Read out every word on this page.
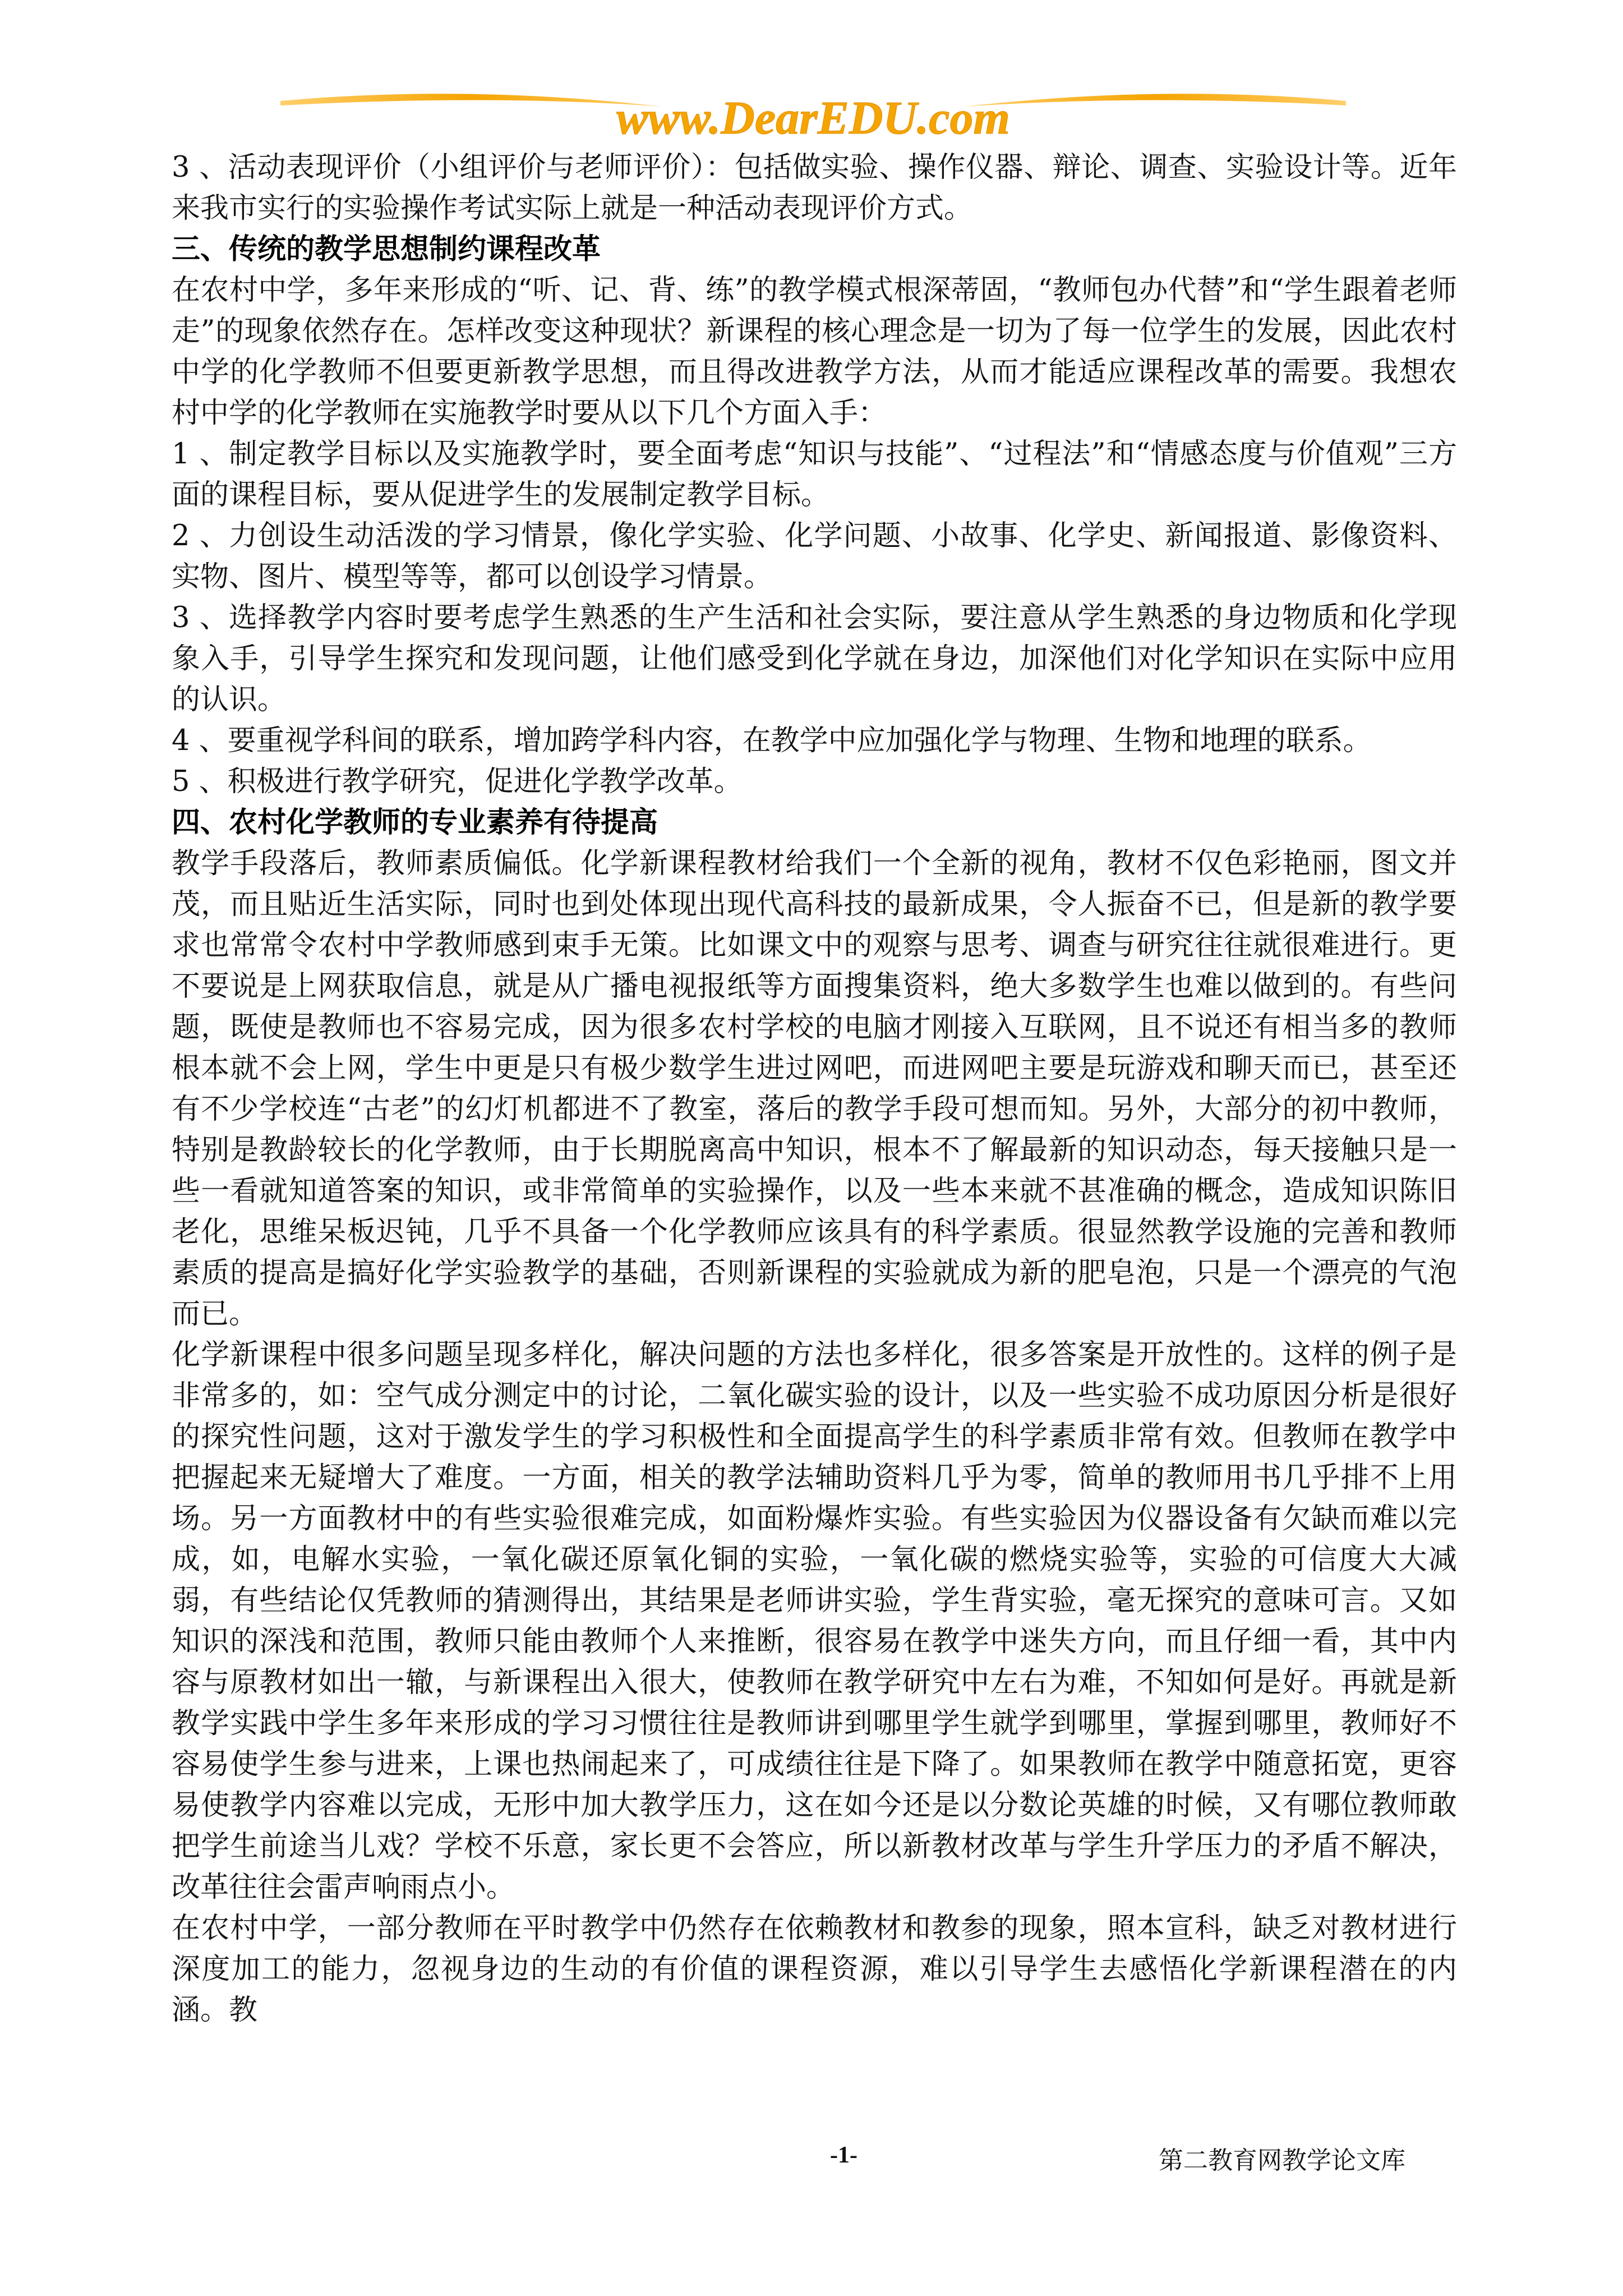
www.DearEDU.com

3 、活动表现评价（小组评价与老师评价）：包括做实验、操作仪器、辩论、调查、实验设计等。近年来我市实行的实验操作考试实际上就是一种活动表现评价方式。

三、传统的教学思想制约课程改革

在农村中学，多年来形成的“听、记、背、练”的教学模式根深蒂固，“教师包办代替”和“学生跟着老师走”的现象依然存在。怎样改变这种现状？新课程的核心理念是一切为了每一位学生的发展，因此农村中学的化学教师不但要更新教学思想，而且得改进教学方法，从而才能适应课程改革的需要。我想农村中学的化学教师在实施教学时要从以下几个方面入手：

1 、制定教学目标以及实施教学时，要全面考虑“知识与技能”、“过程法”和“情感态度与价值观”三方面的课程目标，要从促进学生的发展制定教学目标。

2 、力创设生动活泼的学习情景，像化学实验、化学问题、小故事、化学史、新闻报道、影像资料、实物、图片、模型等等，都可以创设学习情景。

3 、选择教学内容时要考虑学生熟悉的生产生活和社会实际，要注意从学生熟悉的身边物质和化学现象入手，引导学生探究和发现问题，让他们感受到化学就在身边，加深他们对化学知识在实际中应用的认识。

4 、要重视学科间的联系，增加跨学科内容，在教学中应加强化学与物理、生物和地理的联系。

5 、积极进行教学研究，促进化学教学改革。

四、农村化学教师的专业素养有待提高

教学手段落后，教师素质偏低。化学新课程教材给我们一个全新的视角，教材不仅色彩艳丽，图文并茂，而且贴近生活实际，同时也到处体现出现代高科技的最新成果，令人振奋不已，但是新的教学要求也常常令农村中学教师感到束手无策。比如课文中的观察与思考、调查与研究往往就很难进行。更不要说是上网获取信息，就是从广播电视报纸等方面搜集资料，绝大多数学生也难以做到的。有些问题，既使是教师也不容易完成，因为很多农村学校的电脑才刚接入互联网，且不说还有相当多的教师根本就不会上网，学生中更是只有极少数学生进过网吧，而进网吧主要是玩游戏和聊天而已，甚至还有不少学校连“古老”的幻灯机都进不了教室，落后的教学手段可想而知。另外，大部分的初中教师，特别是教龄较长的化学教师，由于长期脱离高中知识，根本不了解最新的知识动态，每天接触只是一些一看就知道答案的知识，或非常简单的实验操作，以及一些本来就不甚准确的概念，造成知识陈旧老化，思维呆板迟钝，几乎不具备一个化学教师应该具有的科学素质。很显然教学设施的完善和教师素质的提高是搞好化学实验教学的基础，否则新课程的实验就成为新的肥皂泡，只是一个漂亮的气泡而已。

化学新课程中很多问题呈现多样化，解决问题的方法也多样化，很多答案是开放性的。这样的例子是非常多的，如：空气成分测定中的讨论，二氧化碳实验的设计，以及一些实验不成功原因分析是很好的探究性问题，这对于激发学生的学习积极性和全面提高学生的科学素质非常有效。但教师在教学中把握起来无疑增大了难度。一方面，相关的教学法辅助资料几乎为零，简单的教师用书几乎排不上用场。另一方面教材中的有些实验很难完成，如面粉爆炸实验。有些实验因为仪器设备有欠缺而难以完成，如，电解水实验，一氧化碳还原氧化铜的实验，一氧化碳的燃烧实验等，实验的可信度大大减弱，有些结论仅凭教师的猜测得出，其结果是老师讲实验，学生背实验，毫无探究的意味可言。又如知识的深浅和范围，教师只能由教师个人来推断，很容易在教学中迷失方向，而且仔细一看，其中内容与原教材如出一辙，与新课程出入很大，使教师在教学研究中左右为难，不知如何是好。再就是新教学实践中学生多年来形成的学习习惯往往是教师讲到哪里学生就学到哪里，掌握到哪里，教师好不容易使学生参与进来，上课也热闹起来了，可成绩往往是下降了。如果教师在教学中随意拓宽，更容易使教学内容难以完成，无形中加大教学压力，这在如今还是以分数论英雄的时候，又有哪位教师敢把学生前途当儿戏？学校不乐意，家长更不会答应，所以新教材改革与学生升学压力的矛盾不解决，改革往往会雷声响雨点小。

在农村中学，一部分教师在平时教学中仍然存在依赖教材和教参的现象，照本宣科，缺乏对教材进行深度加工的能力，忽视身边的生动的有价值的课程资源，难以引导学生去感悟化学新课程潜在的内涵。教

-1-	第二教育网教学论文库
